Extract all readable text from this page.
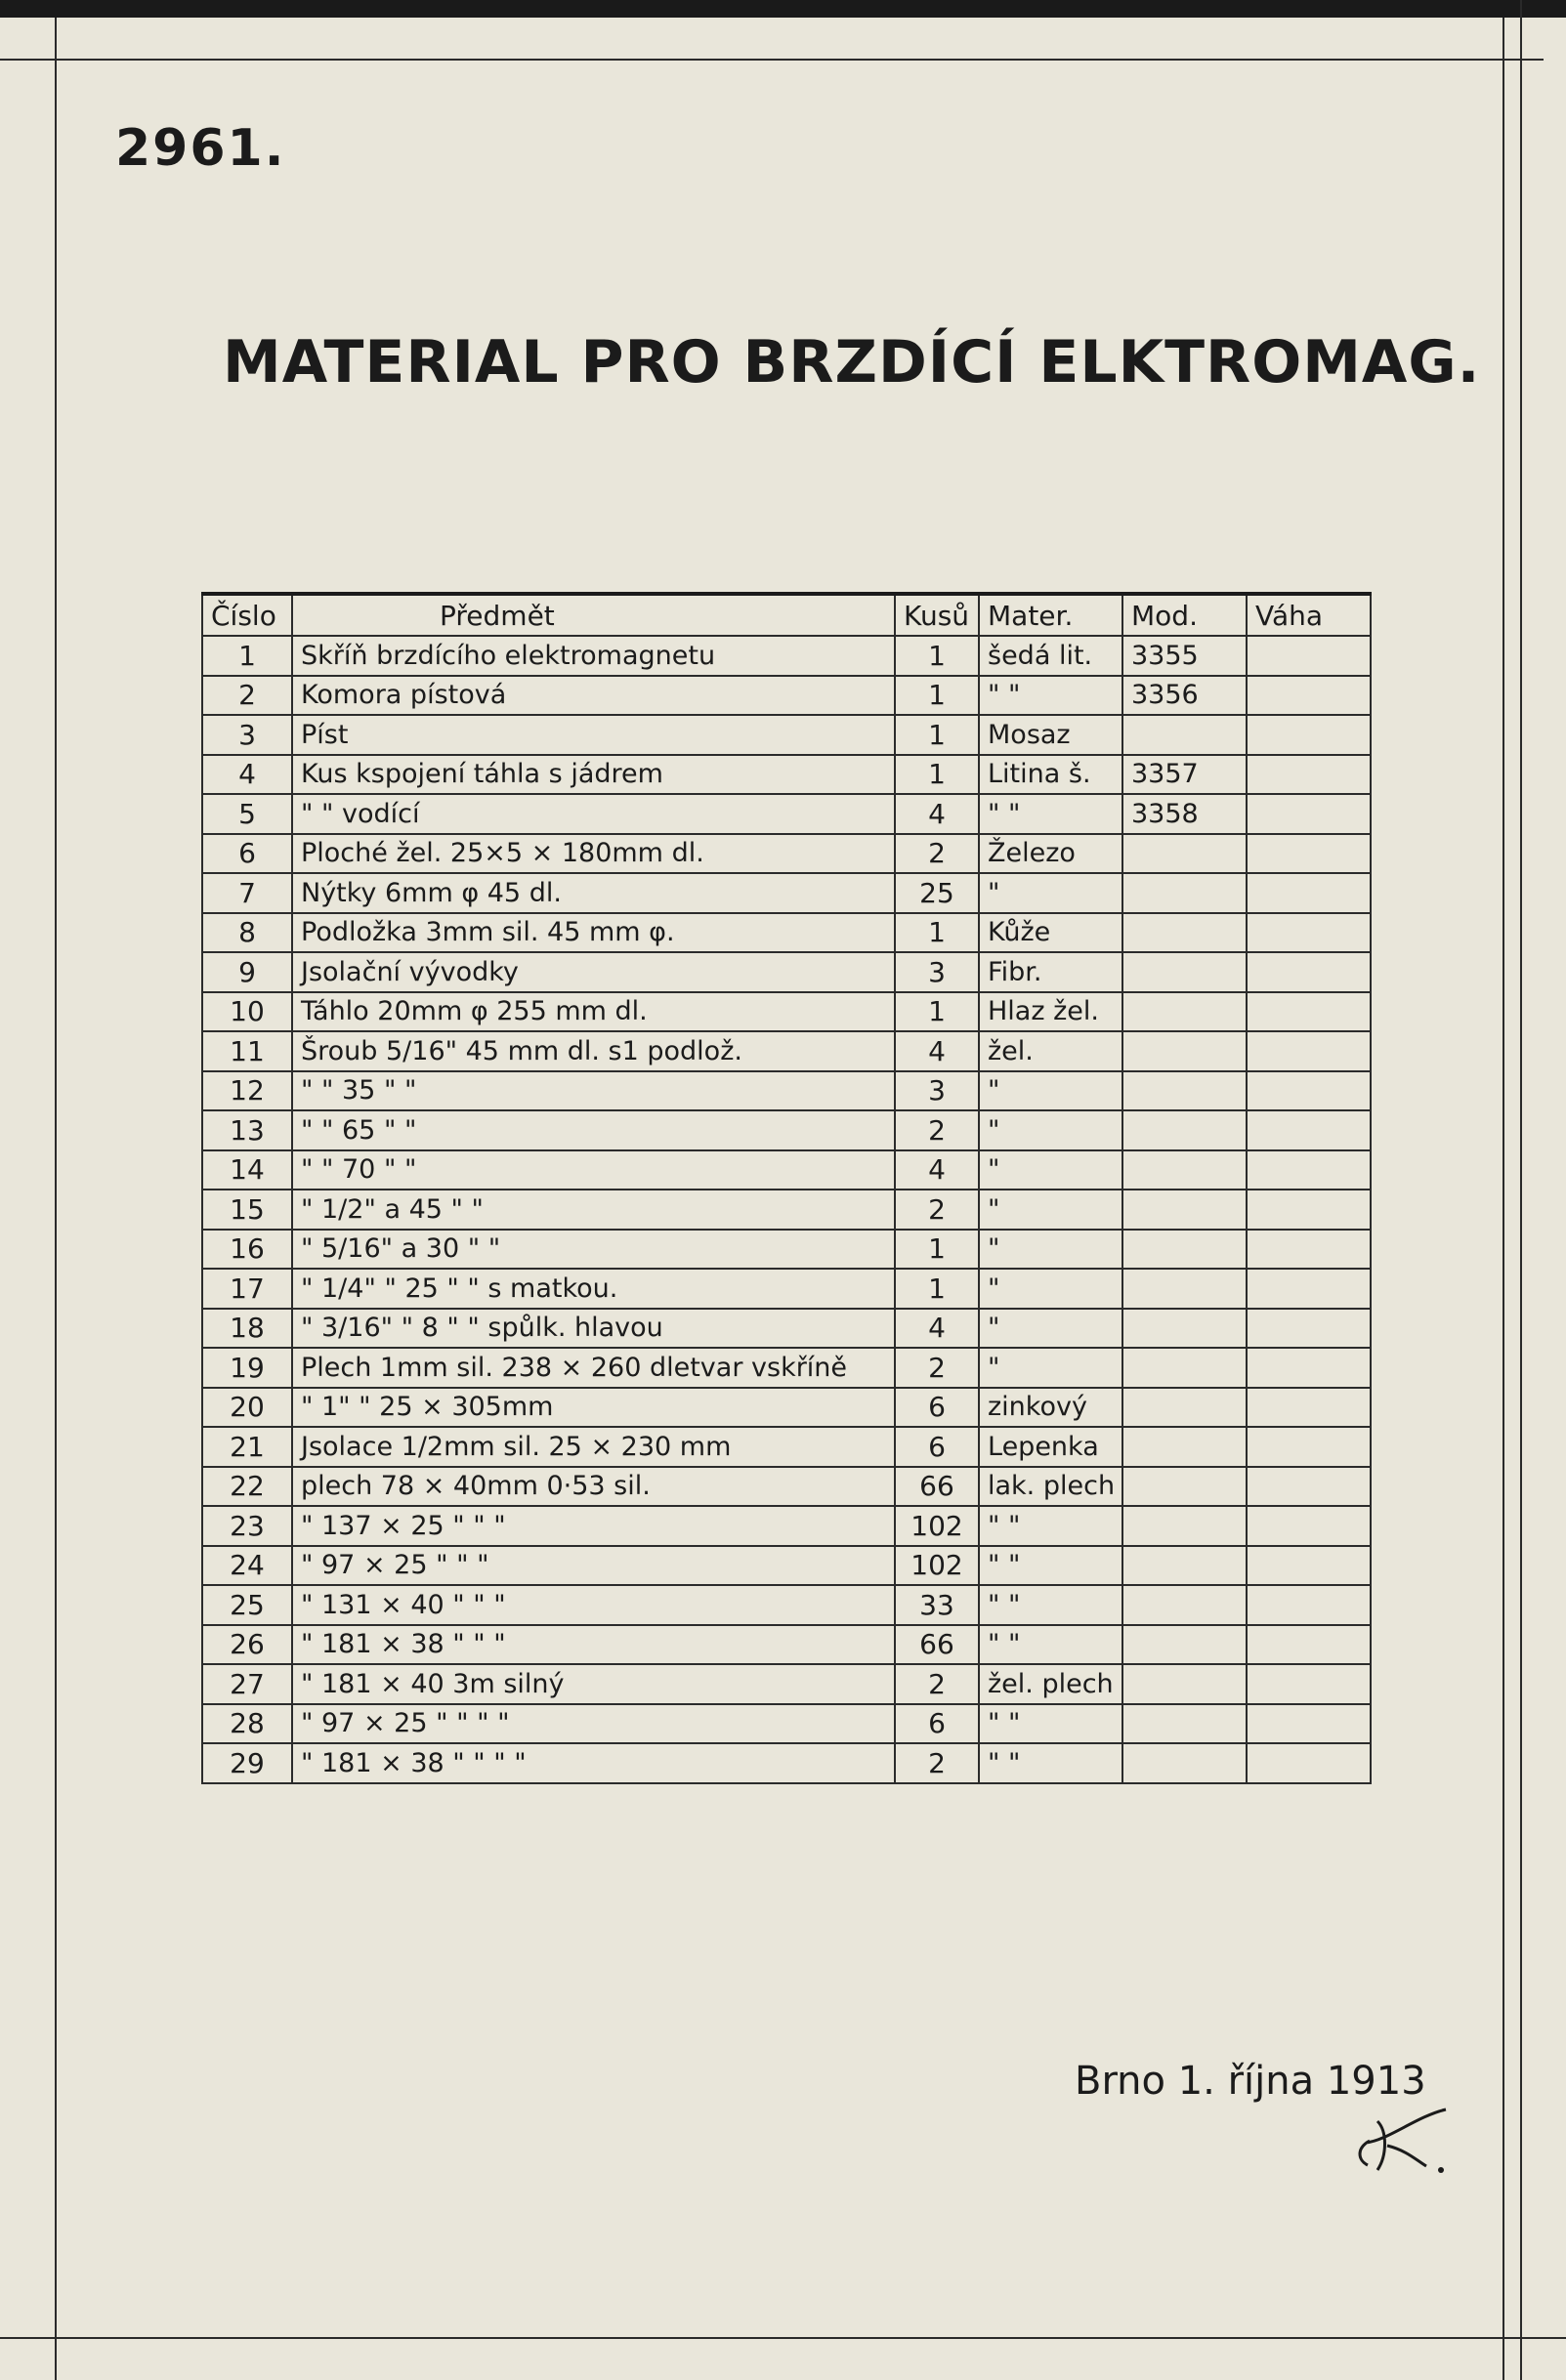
2961.
MATERIAL PRO BRZDÍCÍ ELKTROMAG.
Číslo	Předmět	Kusů	Mater.	Mod.	Váha
1	Skříň brzdícího elektromagnetu	1	šedá lit.	3355	
2	Komora pístová	1	" "	3356	
3	Píst	1	Mosaz		
4	Kus kspojení táhla s jádrem	1	Litina š.	3357	
5	" " vodící	4	" "	3358	
6	Ploché žel. 25×5 × 180mm dl.	2	Železo		
7	Nýtky 6mm φ 45 dl.	25	"		
8	Podložka 3mm sil. 45 mm φ.	1	Kůže		
9	Jsolační vývodky	3	Fibr.		
10	Táhlo 20mm φ 255 mm dl.	1	Hlaz žel.		
11	Šroub 5/16" 45 mm dl. s1 podlož.	4	žel.		
12	" " 35 " "	3	"		
13	" " 65 " "	2	"		
14	" " 70 " "	4	"		
15	" 1/2" a 45 " "	2	"		
16	" 5/16" a 30 " "	1	"		
17	" 1/4" " 25 " " s matkou.	1	"		
18	" 3/16" " 8 " " spůlk. hlavou	4	"		
19	Plech 1mm sil. 238 × 260 dletvar vskříně	2	"		
20	" 1" " 25 × 305mm	6	zinkový		
21	Jsolace 1/2mm sil. 25 × 230 mm	6	Lepenka		
22	plech 78 × 40mm 0·53 sil.	66	lak. plech		
23	" 137 × 25 " " "	102	" "		
24	" 97 × 25 " " "	102	" "		
25	" 131 × 40 " " "	33	" "		
26	" 181 × 38 " " "	66	" "		
27	" 181 × 40 3m silný	2	žel. plech		
28	" 97 × 25 " " " "	6	" "		
29	" 181 × 38 " " " "	2	" "		
Brno 1. října 1913
